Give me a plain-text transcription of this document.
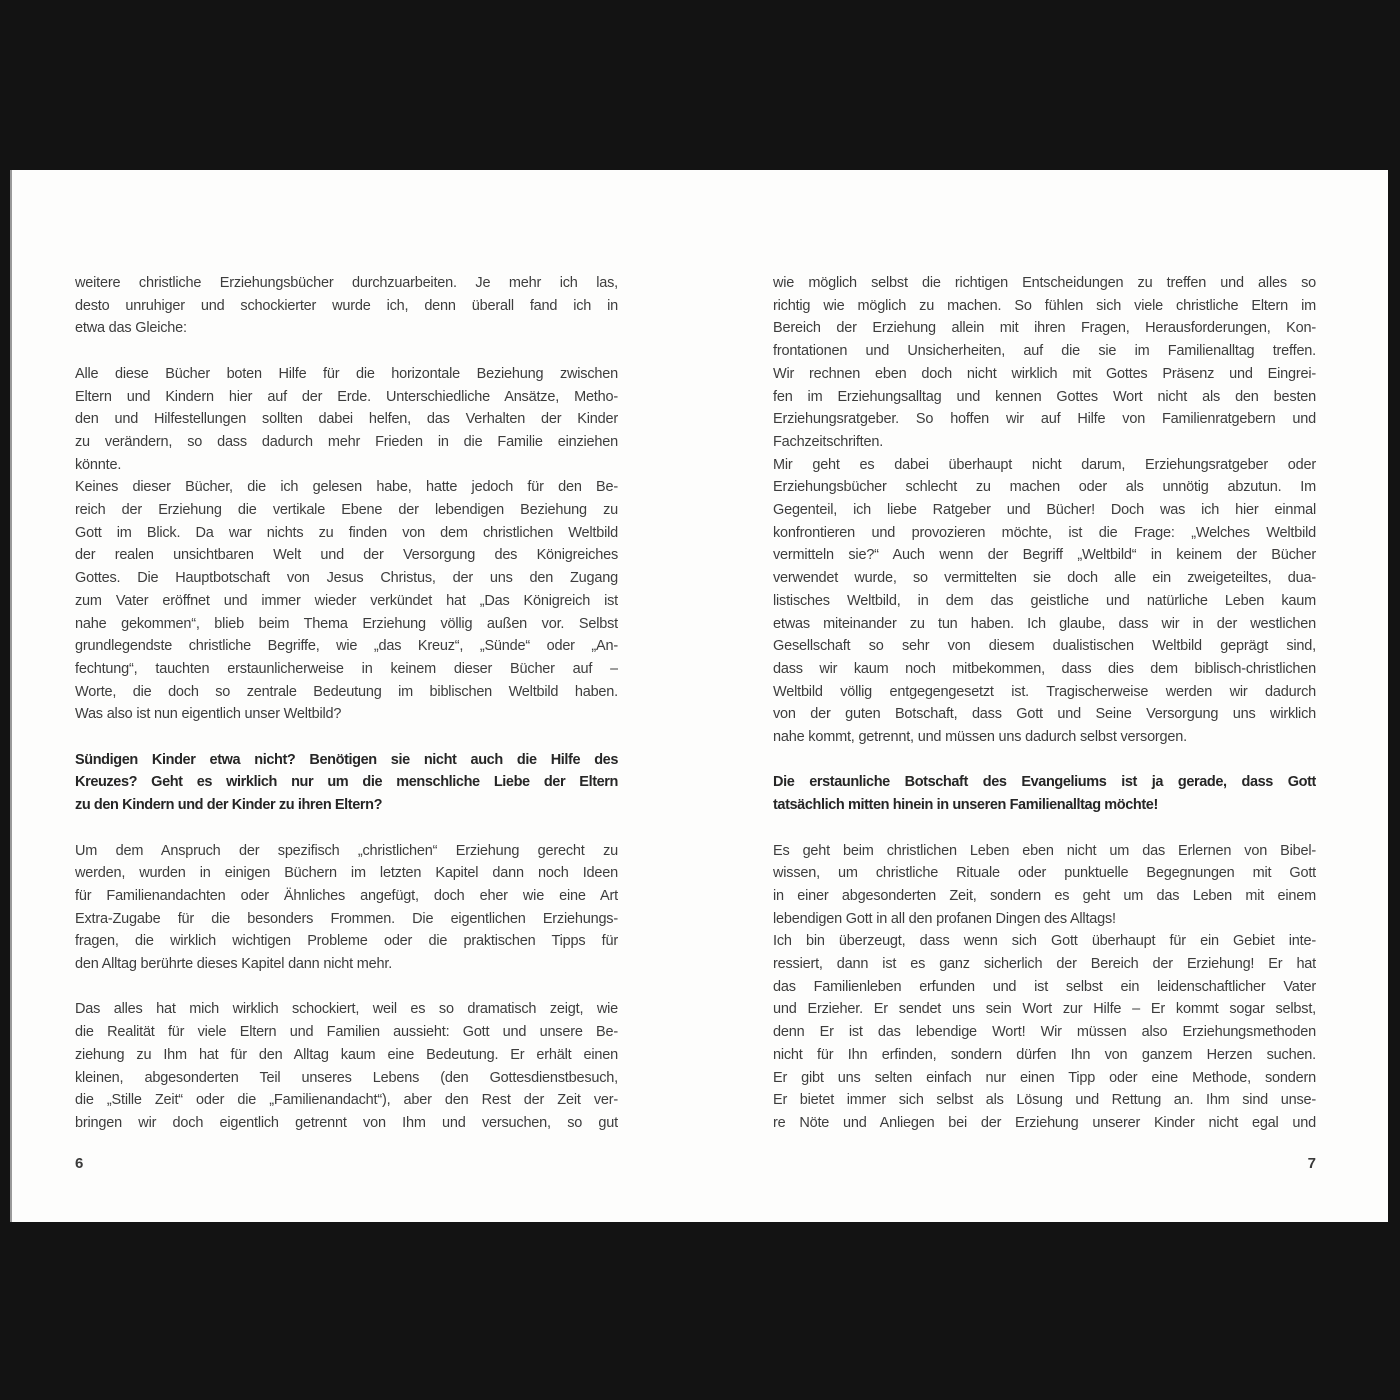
weitere christliche Erziehungsbücher durchzuarbeiten. Je mehr ich las,
desto unruhiger und schockierter wurde ich, denn überall fand ich in
etwa das Gleiche:
Alle diese Bücher boten Hilfe für die horizontale Beziehung zwischen
Eltern und Kindern hier auf der Erde. Unterschiedliche Ansätze, Metho-
den und Hilfestellungen sollten dabei helfen, das Verhalten der Kinder
zu verändern, so dass dadurch mehr Frieden in die Familie einziehen
könnte.
Keines dieser Bücher, die ich gelesen habe, hatte jedoch für den Be-
reich der Erziehung die vertikale Ebene der lebendigen Beziehung zu
Gott im Blick. Da war nichts zu finden von dem christlichen Weltbild
der realen unsichtbaren Welt und der Versorgung des Königreiches
Gottes. Die Hauptbotschaft von Jesus Christus, der uns den Zugang
zum Vater eröffnet und immer wieder verkündet hat „Das Königreich ist
nahe gekommen“, blieb beim Thema Erziehung völlig außen vor. Selbst
grundlegendste christliche Begriffe, wie „das Kreuz“, „Sünde“ oder „An-
fechtung“, tauchten erstaunlicherweise in keinem dieser Bücher auf –
Worte, die doch so zentrale Bedeutung im biblischen Weltbild haben.
Was also ist nun eigentlich unser Weltbild?
Sündigen Kinder etwa nicht? Benötigen sie nicht auch die Hilfe des
Kreuzes? Geht es wirklich nur um die menschliche Liebe der Eltern
zu den Kindern und der Kinder zu ihren Eltern?
Um dem Anspruch der spezifisch „christlichen“ Erziehung gerecht zu
werden, wurden in einigen Büchern im letzten Kapitel dann noch Ideen
für Familienandachten oder Ähnliches angefügt, doch eher wie eine Art
Extra-Zugabe für die besonders Frommen. Die eigentlichen Erziehungs-
fragen, die wirklich wichtigen Probleme oder die praktischen Tipps für
den Alltag berührte dieses Kapitel dann nicht mehr.
Das alles hat mich wirklich schockiert, weil es so dramatisch zeigt, wie
die Realität für viele Eltern und Familien aussieht: Gott und unsere Be-
ziehung zu Ihm hat für den Alltag kaum eine Bedeutung. Er erhält einen
kleinen, abgesonderten Teil unseres Lebens (den Gottesdienstbesuch,
die „Stille Zeit“ oder die „Familienandacht“), aber den Rest der Zeit ver-
bringen wir doch eigentlich getrennt von Ihm und versuchen, so gut
wie möglich selbst die richtigen Entscheidungen zu treffen und alles so
richtig wie möglich zu machen. So fühlen sich viele christliche Eltern im
Bereich der Erziehung allein mit ihren Fragen, Herausforderungen, Kon-
frontationen und Unsicherheiten, auf die sie im Familienalltag treffen.
Wir rechnen eben doch nicht wirklich mit Gottes Präsenz und Eingrei-
fen im Erziehungsalltag und kennen Gottes Wort nicht als den besten
Erziehungsratgeber. So hoffen wir auf Hilfe von Familienratgebern und
Fachzeitschriften.
Mir geht es dabei überhaupt nicht darum, Erziehungsratgeber oder
Erziehungsbücher schlecht zu machen oder als unnötig abzutun. Im
Gegenteil, ich liebe Ratgeber und Bücher! Doch was ich hier einmal
konfrontieren und provozieren möchte, ist die Frage: „Welches Weltbild
vermitteln sie?“ Auch wenn der Begriff „Weltbild“ in keinem der Bücher
verwendet wurde, so vermittelten sie doch alle ein zweigeteiltes, dua-
listisches Weltbild, in dem das geistliche und natürliche Leben kaum
etwas miteinander zu tun haben. Ich glaube, dass wir in der westlichen
Gesellschaft so sehr von diesem dualistischen Weltbild geprägt sind,
dass wir kaum noch mitbekommen, dass dies dem biblisch-christlichen
Weltbild völlig entgegengesetzt ist. Tragischerweise werden wir dadurch
von der guten Botschaft, dass Gott und Seine Versorgung uns wirklich
nahe kommt, getrennt, und müssen uns dadurch selbst versorgen.
Die erstaunliche Botschaft des Evangeliums ist ja gerade, dass Gott
tatsächlich mitten hinein in unseren Familienalltag möchte!
Es geht beim christlichen Leben eben nicht um das Erlernen von Bibel-
wissen, um christliche Rituale oder punktuelle Begegnungen mit Gott
in einer abgesonderten Zeit, sondern es geht um das Leben mit einem
lebendigen Gott in all den profanen Dingen des Alltags!
Ich bin überzeugt, dass wenn sich Gott überhaupt für ein Gebiet inte-
ressiert, dann ist es ganz sicherlich der Bereich der Erziehung! Er hat
das Familienleben erfunden und ist selbst ein leidenschaftlicher Vater
und Erzieher. Er sendet uns sein Wort zur Hilfe – Er kommt sogar selbst,
denn Er ist das lebendige Wort! Wir müssen also Erziehungsmethoden
nicht für Ihn erfinden, sondern dürfen Ihn von ganzem Herzen suchen.
Er gibt uns selten einfach nur einen Tipp oder eine Methode, sondern
Er bietet immer sich selbst als Lösung und Rettung an. Ihm sind unse-
re Nöte und Anliegen bei der Erziehung unserer Kinder nicht egal und
6	7
